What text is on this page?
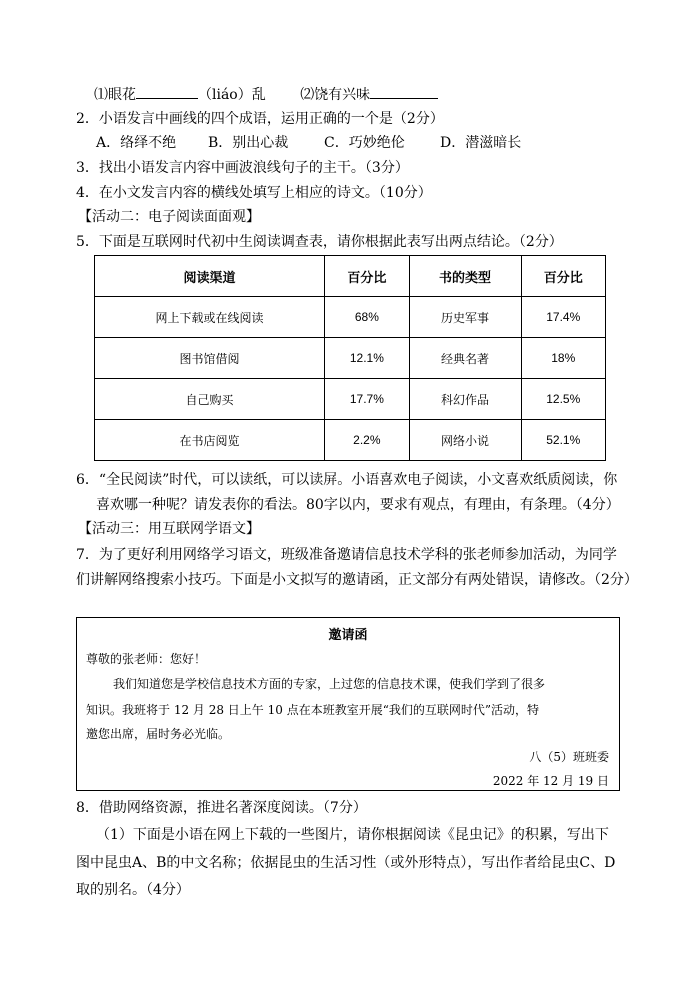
⑴眼花	（liáo）乱 ⑵饶有兴味
2．小语发言中画线的四个成语，运用正确的一个是（2分）
A．络绎不绝 B．别出心裁	C．巧妙绝伦	D．潜滋暗长
3．找出小语发言内容中画波浪线句子的主干。（3分）
4．在小文发言内容的横线处填写上相应的诗文。（10分）
【活动二：电子阅读面面观】
5．下面是互联网时代初中生阅读调查表，请你根据此表写出两点结论。（2分）
阅读渠道	百分比	书的类型	百分比
网上下载或在线阅读	68%	历史军事	17.4%
图书馆借阅	12.1%	经典名著	18%
自己购买	17.7%	科幻作品	12.5%
在书店阅览	2.2%	网络小说	52.1%
6．“全民阅读”时代，可以读纸，可以读屏。小语喜欢电子阅读，小文喜欢纸质阅读，你
喜欢哪一种呢？请发表你的看法。80字以内，要求有观点，有理由，有条理。（4分）
【活动三：用互联网学语文】
7．为了更好利用网络学习语文，班级准备邀请信息技术学科的张老师参加活动，为同学
们讲解网络搜索小技巧。下面是小文拟写的邀请函，正文部分有两处错误，请修改。（2分）
邀请函
尊敬的张老师：您好！
我们知道您是学校信息技术方面的专家，上过您的信息技术课，使我们学到了很多
知识。我班将于 12 月 28 日上午 10 点在本班教室开展“我们的互联网时代”活动，特
邀您出席，届时务必光临。
八（5）班班委
2022 年 12 月 19 日
8．借助网络资源，推进名著深度阅读。（7分）
（1）下面是小语在网上下载的一些图片，请你根据阅读《昆虫记》的积累，写出下
图中昆虫A、B的中文名称；依据昆虫的生活习性（或外形特点），写出作者给昆虫C、D
取的别名。（4分）
